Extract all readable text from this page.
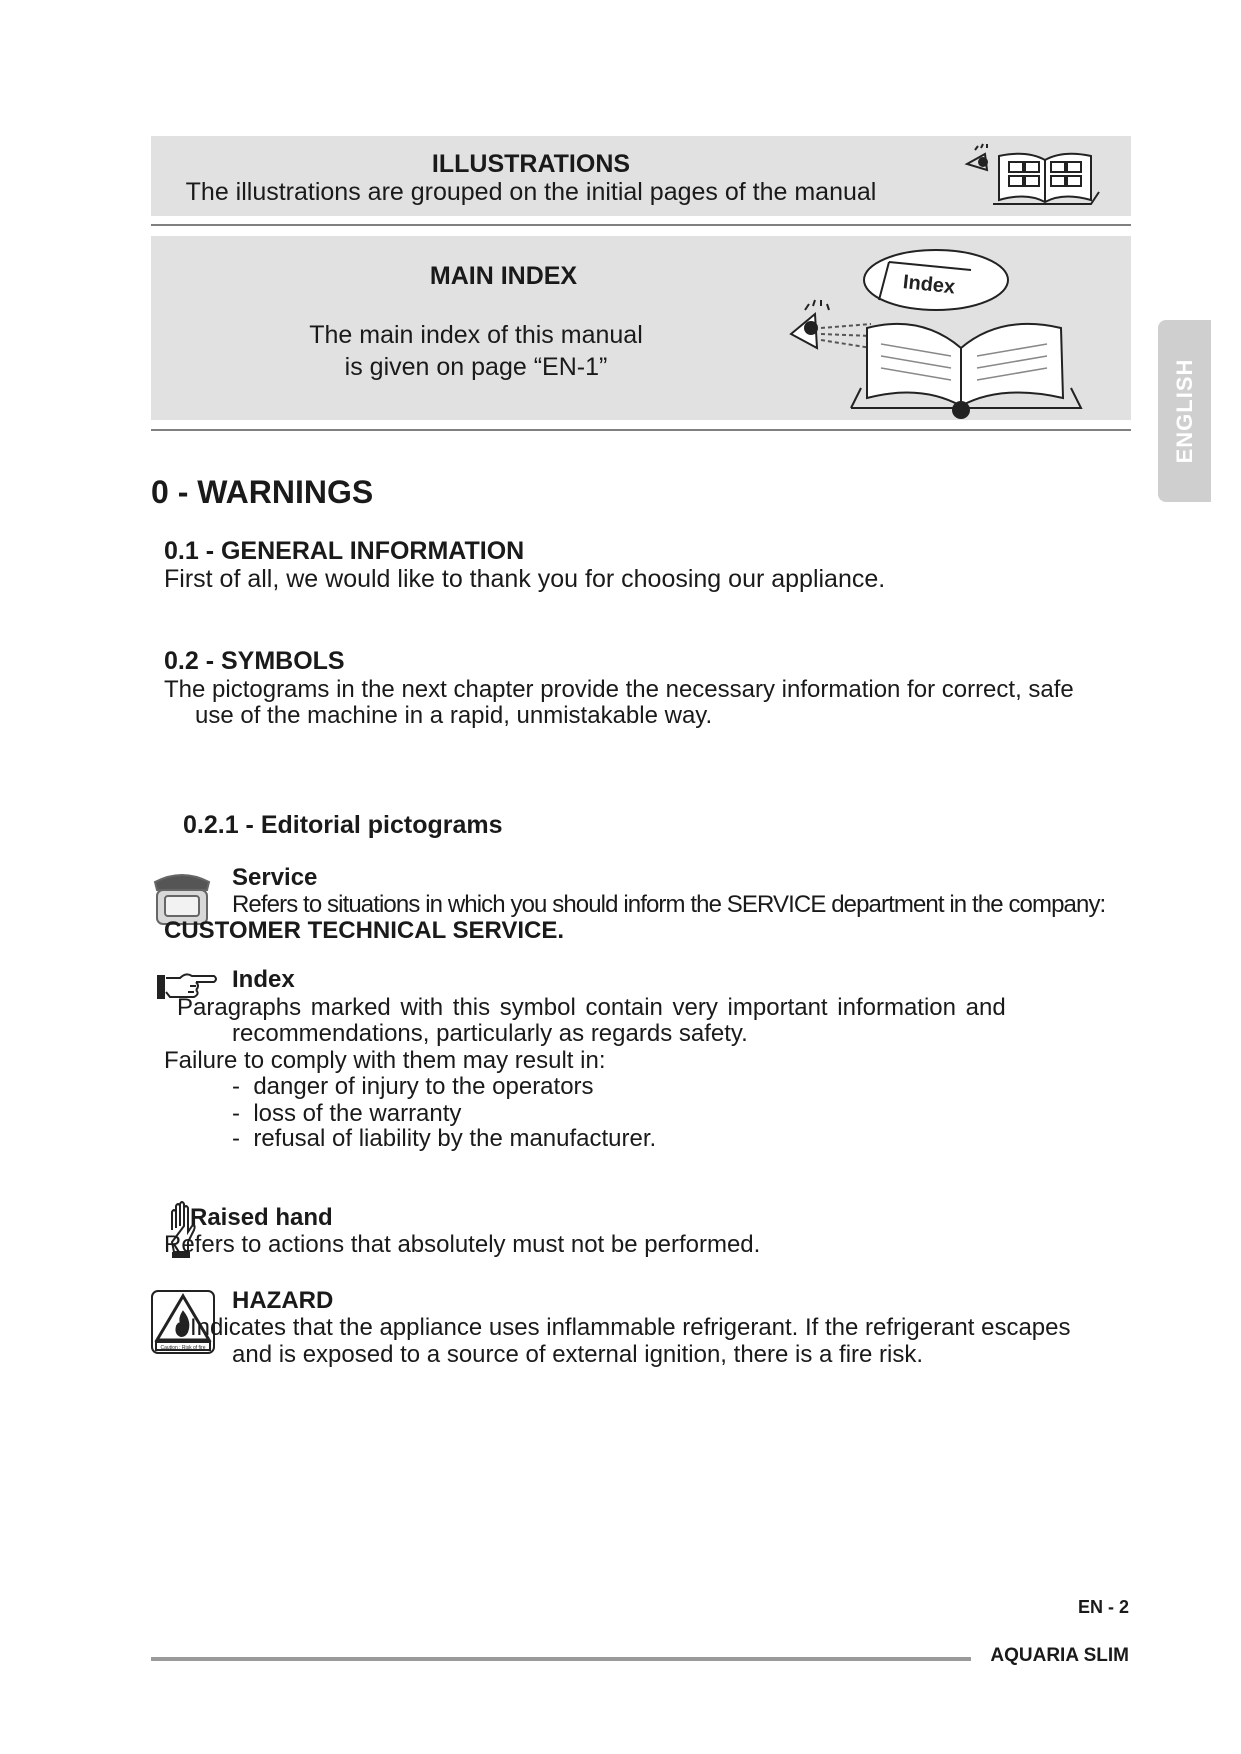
ILLUSTRATIONS
The illustrations are grouped on the initial pages of the manual
MAIN INDEX
The main index of this manual
is given on page “EN-1”
Index
ENGLISH
0 - WARNINGS
0.1 - GENERAL INFORMATION
First of all, we would like to thank you for choosing our appliance.
0.2 - SYMBOLS
The pictograms in the next chapter provide the necessary information for correct, safe
use of the machine in a rapid, unmistakable way.
0.2.1 - Editorial pictograms
Service
Refers to situations in which you should inform the SERVICE department in the company:
CUSTOMER TECHNICAL SERVICE.
Index
Paragraphs marked with this symbol contain very important information and
recommendations, particularly as regards safety.
Failure to comply with them may result in:
-  danger of injury to the operators
-  loss of the warranty
-  refusal of liability by the manufacturer.
Raised hand
Refers to actions that absolutely must not be performed.
Caution : Risk of fire
HAZARD
Indicates that the appliance uses inflammable refrigerant. If the refrigerant escapes
and is exposed to a source of external ignition, there is a fire risk.
EN - 2
AQUARIA SLIM
